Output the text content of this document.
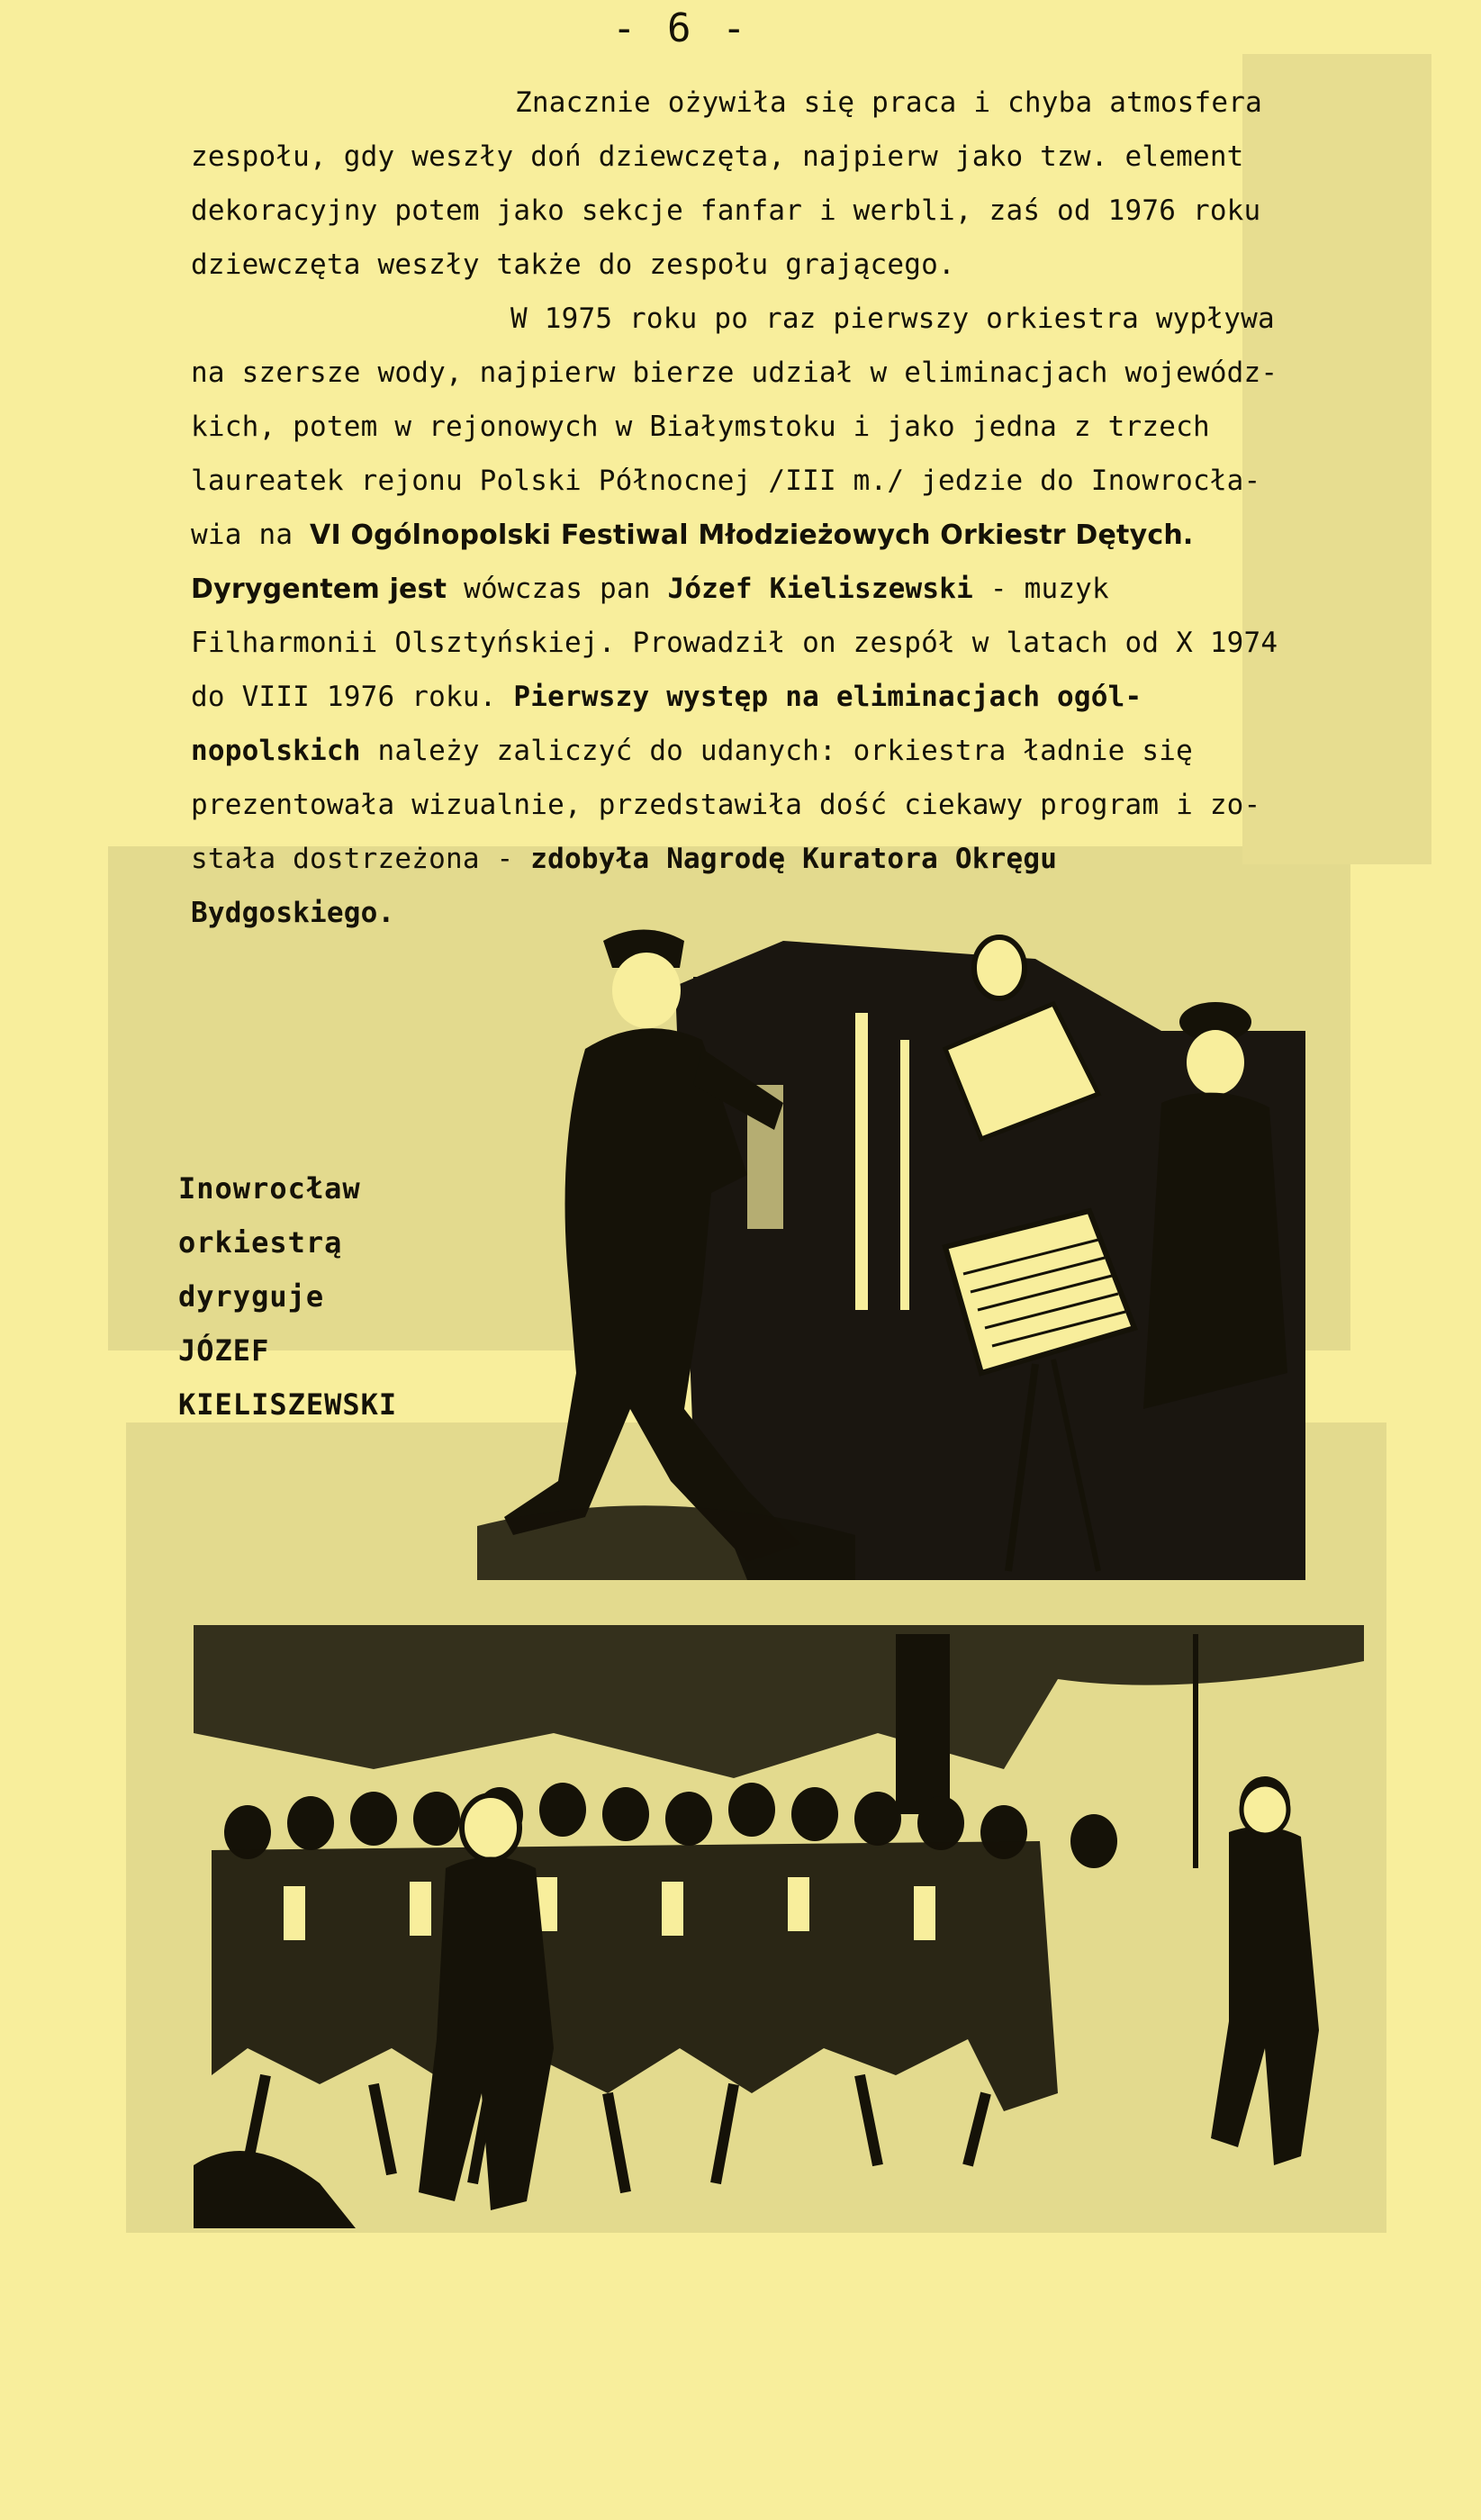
- 6 -
Znacznie ożywiła się praca i chyba atmosfera
zespołu, gdy weszły doń dziewczęta, najpierw jako tzw. element
dekoracyjny potem jako sekcje fanfar i werbli, zaś od 1976 roku
dziewczęta weszły także do zespołu grającego.
W 1975 roku po raz pierwszy orkiestra wypływa
na szersze wody, najpierw bierze udział w eliminacjach wojewódz-
kich, potem w rejonowych w Białymstoku i jako jedna z trzech
laureatek rejonu Polski Północnej /III m./ jedzie do Inowrocła-
wia na VI Ogólnopolski Festiwal Młodzieżowych Orkiestr Dętych.
Dyrygentem jest wówczas pan Józef Kieliszewski - muzyk
Filharmonii Olsztyńskiej. Prowadził on zespół w latach od X 1974
do VIII 1976 roku. Pierwszy występ na eliminacjach ogól-
nopolskich należy zaliczyć do udanych: orkiestra ładnie się
prezentowała wizualnie, przedstawiła dość ciekawy program i zo-
stała dostrzeżona - zdobyła Nagrodę Kuratora Okręgu
Bydgoskiego.
Inowrocław
orkiestrą
dyryguje
JÓZEF
KIELISZEWSKI
